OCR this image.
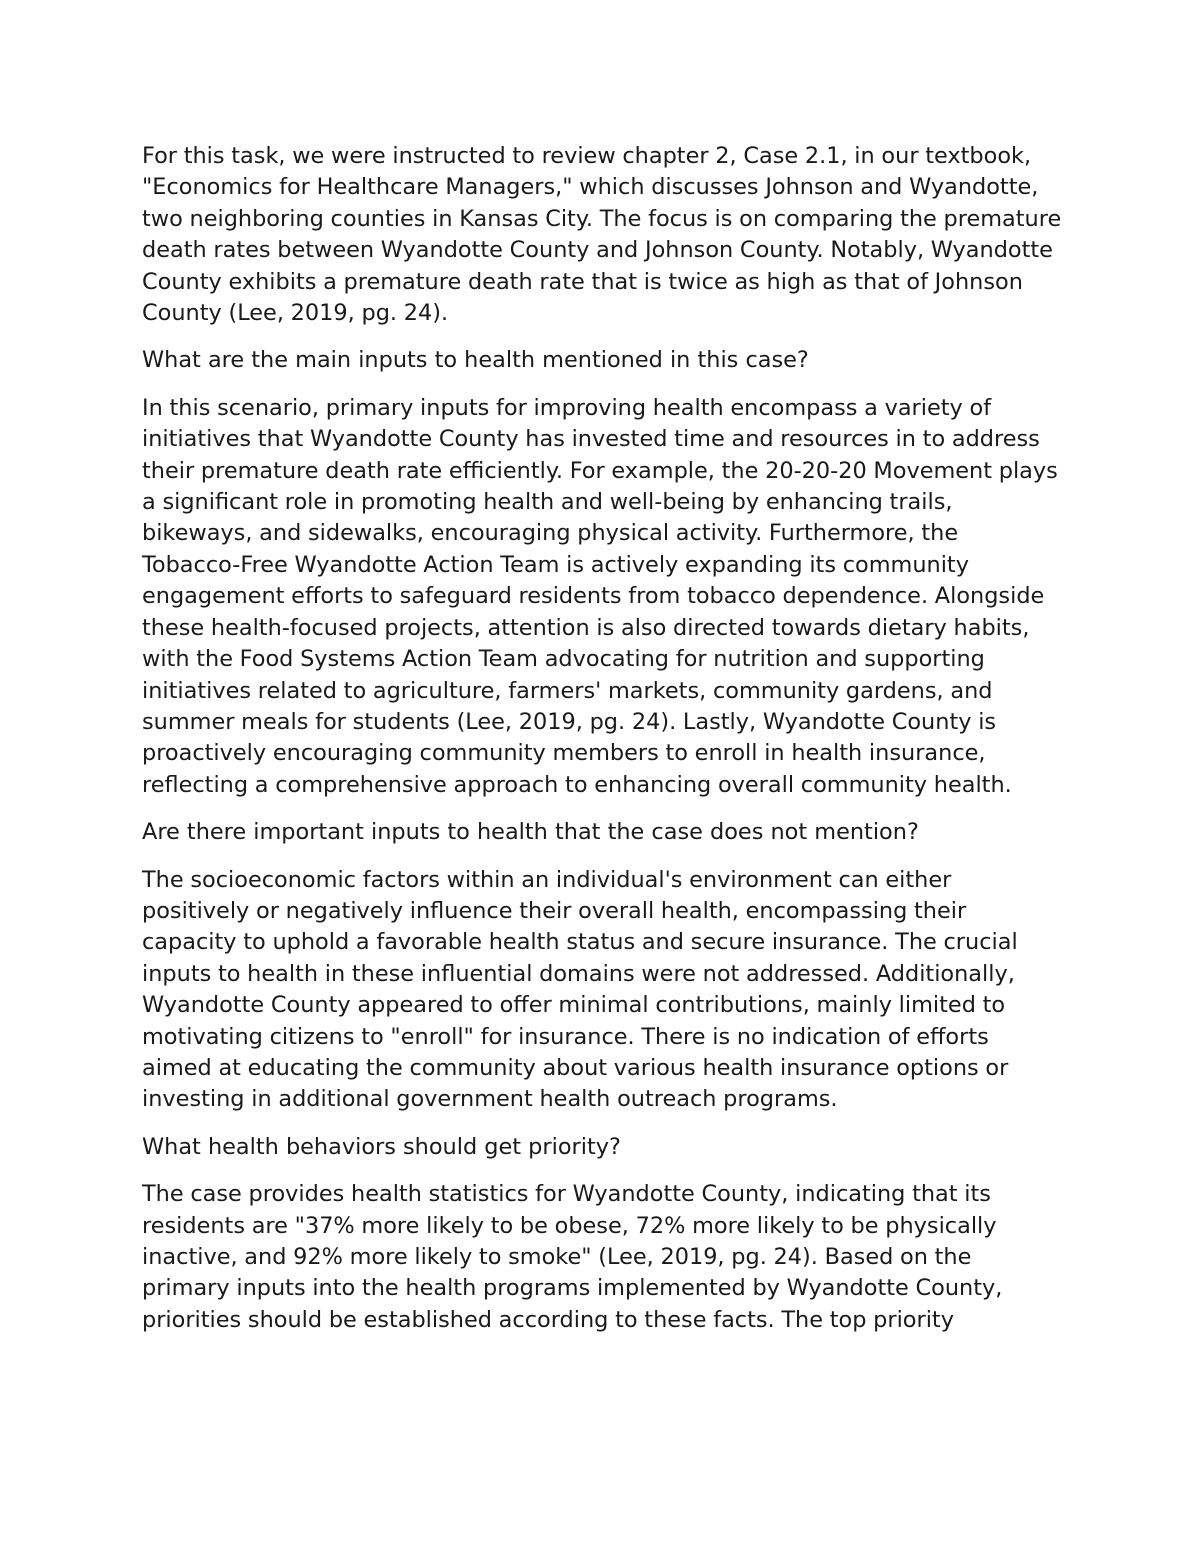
For this task, we were instructed to review chapter 2, Case 2.1, in our textbook, "Economics for Healthcare Managers," which discusses Johnson and Wyandotte, two neighboring counties in Kansas City. The focus is on comparing the premature death rates between Wyandotte County and Johnson County. Notably, Wyandotte County exhibits a premature death rate that is twice as high as that of Johnson County (Lee, 2019, pg. 24).

What are the main inputs to health mentioned in this case?

In this scenario, primary inputs for improving health encompass a variety of initiatives that Wyandotte County has invested time and resources in to address their premature death rate efficiently. For example, the 20-20-20 Movement plays a significant role in promoting health and well-being by enhancing trails, bikeways, and sidewalks, encouraging physical activity. Furthermore, the Tobacco-Free Wyandotte Action Team is actively expanding its community engagement efforts to safeguard residents from tobacco dependence. Alongside these health-focused projects, attention is also directed towards dietary habits, with the Food Systems Action Team advocating for nutrition and supporting initiatives related to agriculture, farmers' markets, community gardens, and summer meals for students (Lee, 2019, pg. 24). Lastly, Wyandotte County is proactively encouraging community members to enroll in health insurance, reflecting a comprehensive approach to enhancing overall community health.

Are there important inputs to health that the case does not mention?

The socioeconomic factors within an individual's environment can either positively or negatively influence their overall health, encompassing their capacity to uphold a favorable health status and secure insurance. The crucial inputs to health in these influential domains were not addressed. Additionally, Wyandotte County appeared to offer minimal contributions, mainly limited to motivating citizens to "enroll" for insurance. There is no indication of efforts aimed at educating the community about various health insurance options or investing in additional government health outreach programs.

What health behaviors should get priority?

The case provides health statistics for Wyandotte County, indicating that its residents are "37% more likely to be obese, 72% more likely to be physically inactive, and 92% more likely to smoke" (Lee, 2019, pg. 24). Based on the primary inputs into the health programs implemented by Wyandotte County, priorities should be established according to these facts. The top priority
